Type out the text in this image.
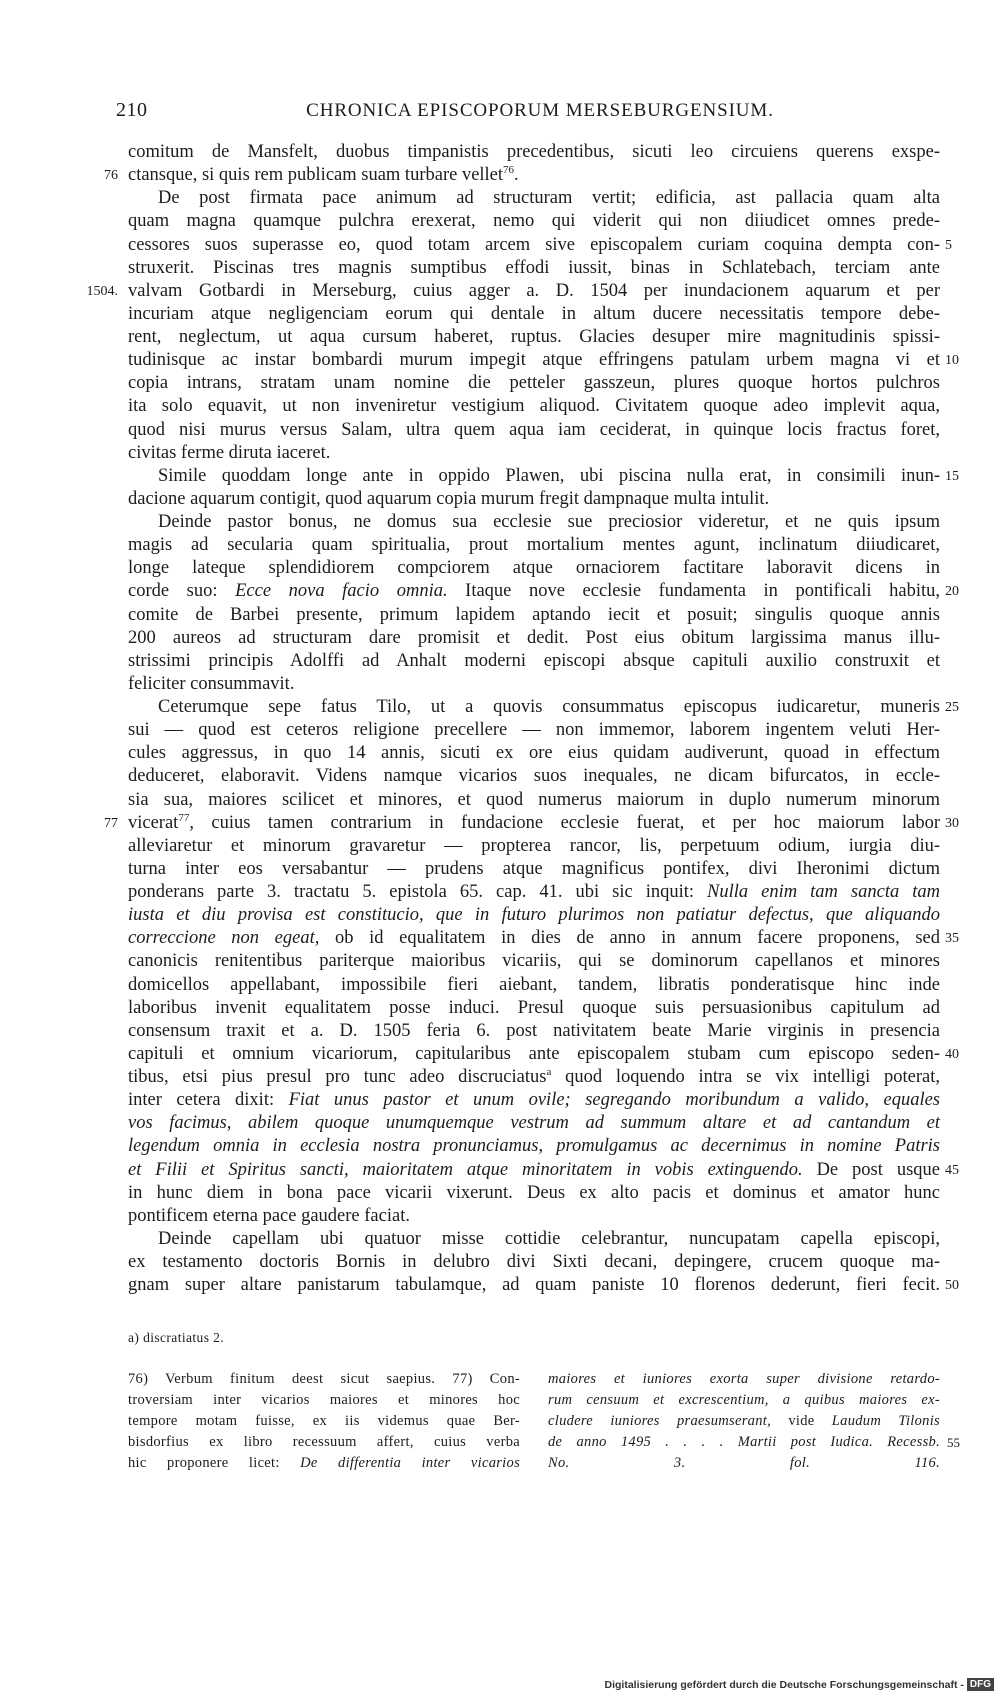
210	CHRONICA EPISCOPORUM MERSEBURGENSIUM.
comitum de Mansfelt, duobus timpanistis precedentibus, sicuti leo circuiens querens exspe-
ctansque, si quis rem publicam suam turbare vellet$^{76}$.
76
De post firmata pace animum ad structuram vertit; edificia, ast pallacia quam alta
quam magna quamque pulchra erexerat, nemo qui viderit qui non diiudicet omnes prede-
cessores suos superasse eo, quod totam arcem sive episcopalem curiam coquina dempta con- 5
struxerit. Piscinas tres magnis sumptibus effodi iussit, binas in Schlatebach, terciam ante
valvam Gotbardi in Merseburg, cuius agger a. D. 1504 per inundacionem aquarum et per
1504.
incuriam atque negligenciam eorum qui dentale in altum ducere necessitatis tempore debe-
rent, neglectum, ut aqua cursum haberet, ruptus. Glacies desuper mire magnitudinis spissi-
tudinisque ac instar bombardi murum impegit atque effringens patulam urbem magna vi et 10
copia intrans, stratam unam nomine die petteler gasszeun, plures quoque hortos pulchros
ita solo equavit, ut non inveniretur vestigium aliquod. Civitatem quoque adeo implevit aqua,
quod nisi murus versus Salam, ultra quem aqua iam ceciderat, in quinque locis fractus foret,
civitas ferme diruta iaceret.
Simile quoddam longe ante in oppido Plawen, ubi piscina nulla erat, in consimili inun- 15
dacione aquarum contigit, quod aquarum copia murum fregit dampnaque multa intulit.
Deinde pastor bonus, ne domus sua ecclesie sue preciosior videretur, et ne quis ipsum
magis ad secularia quam spiritualia, prout mortalium mentes agunt, inclinatum diiudicaret,
longe lateque splendidiorem compciorem atque ornaciorem factitare laboravit dicens in
corde suo: Ecce nova facio omnia. Itaque nove ecclesie fundamenta in pontificali habitu, 20
comite de Barbei presente, primum lapidem aptando iecit et posuit; singulis quoque annis
200 aureos ad structuram dare promisit et dedit. Post eius obitum largissima manus illu-
strissimi principis Adolffi ad Anhalt moderni episcopi absque capituli auxilio construxit et
feliciter consummavit.
Ceterumque sepe fatus Tilo, ut a quovis consummatus episcopus iudicaretur, muneris 25
sui — quod est ceteros religione precellere — non immemor, laborem ingentem veluti Her-
cules aggressus, in quo 14 annis, sicuti ex ore eius quidam audiverunt, quoad in effectum
deduceret, elaboravit. Videns namque vicarios suos inequales, ne dicam bifurcatos, in eccle-
sia sua, maiores scilicet et minores, et quod numerus maiorum in duplo numerum minorum
vicerat$^{77}$, cuius tamen contrarium in fundacione ecclesie fuerat, et per hoc maiorum labor
77	30
alleviaretur et minorum gravaretur — propterea rancor, lis, perpetuum odium, iurgia diu-
turna inter eos versabantur — prudens atque magnificus pontifex, divi Iheronimi dictum
ponderans parte 3. tractatu 5. epistola 65. cap. 41. ubi sic inquit: Nulla enim tam sancta tam
iusta et diu provisa est constitucio, que in futuro plurimos non patiatur defectus, que aliquando
correccione non egeat, ob id equalitatem in dies de anno in annum facere proponens, sed 35
canonicis renitentibus pariterque maioribus vicariis, qui se dominorum capellanos et minores
domicellos appellabant, impossibile fieri aiebant, tandem, libratis ponderatisque hinc inde
laboribus invenit equalitatem posse induci. Presul quoque suis persuasionibus capitulum ad
consensum traxit et a. D. 1505 feria 6. post nativitatem beate Marie virginis in presencia
capituli et omnium vicariorum, capitularibus ante episcopalem stubam cum episcopo seden- 40
tibus, etsi pius presul pro tunc adeo discruciatus$^a$ quod loquendo intra se vix intelligi poterat,
inter cetera dixit: Fiat unus pastor et unum ovile; segregando moribundum a valido, equales
vos facimus, abilem quoque unumquemque vestrum ad summum altare et ad cantandum et
legendum omnia in ecclesia nostra pronunciamus, promulgamus ac decernimus in nomine Patris
et Filii et Spiritus sancti, maioritatem atque minoritatem in vobis extinguendo. De post usque 45
in hunc diem in bona pace vicarii vixerunt. Deus ex alto pacis et dominus et amator hunc
pontificem eterna pace gaudere faciat.
Deinde capellam ubi quatuor misse cottidie celebrantur, nuncupatam capella episcopi,
ex testamento doctoris Bornis in delubro divi Sixti decani, depingere, crucem quoque ma-
gnam super altare panistarum tabulamque, ad quam paniste 10 florenos dederunt, fieri fecit. 50
a) discratiatus 2.
76) Verbum finitum deest sicut saepius. 77) Con-
troversiam inter vicarios maiores et minores hoc
tempore motam fuisse, ex iis videmus quae Ber-
bisdorfius ex libro recessuum affert, cuius verba
hic proponere licet: De differentia inter vicarios
maiores et iuniores exorta super divisione retardo-
rum censuum et excrescentium, a quibus maiores ex-
cludere iuniores praesumserant, vide Laudum Tilonis
de anno 1495 . . . . Martii post Iudica. Recessb. 55
No. 3. fol. 116.
Digitalisierung gefördert durch die Deutsche Forschungsgemeinschaft - DFG
